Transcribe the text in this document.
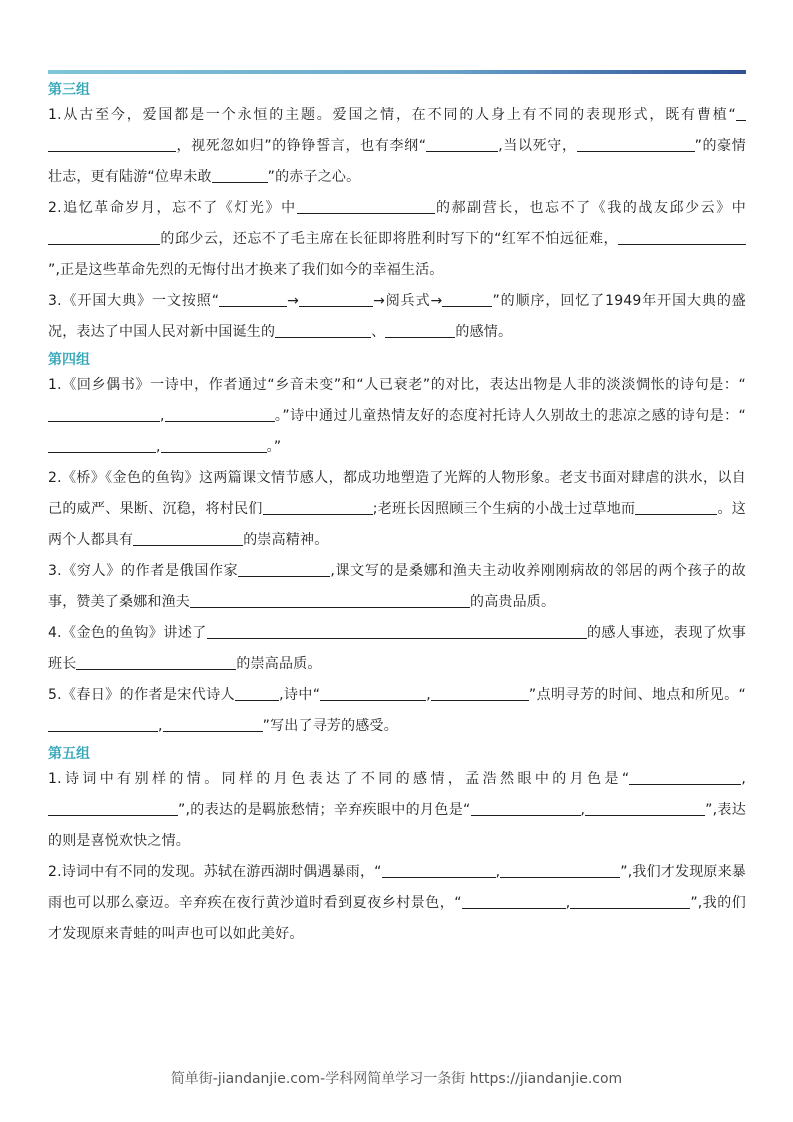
第三组

1.从古至今，爱国都是一个永恒的主题。爱国之情，在不同的人身上有不同的表现形式，既有曹植“，视死忽如归”的铮铮誓言，也有李纲“	,当以死守，	”的豪情壮志，更有陆游“位卑未敢	”的赤子之心。

2.追忆革命岁月，忘不了《灯光》中	的郝副营长，也忘不了《我的战友邱少云》中的邱少云，还忘不了毛主席在长征即将胜利时写下的“红军不怕远征难，”,正是这些革命先烈的无悔付出才换来了我们如今的幸福生活。

3.《开国大典》一文按照“	→	→阅兵式→	”的顺序，回忆了1949年开国大典的盛况，表达了中国人民对新中国诞生的	、	的感情。

第四组

1.《回乡偶书》一诗中，作者通过“乡音未变”和“人已衰老”的对比，表达出物是人非的淡淡惆怅的诗句是：“,	。”诗中通过儿童热情友好的态度衬托诗人久别故土的悲凉之感的诗句是：“,	。”

2.《桥》《金色的鱼钩》这两篇课文情节感人，都成功地塑造了光辉的人物形象。老支书面对肆虐的洪水，以自己的威严、果断、沉稳，将村民们	;老班长因照顾三个生病的小战士过草地而	。这两个人都具有	的崇高精神。

3.《穷人》的作者是俄国作家	,课文写的是桑娜和渔夫主动收养刚刚病故的邻居的两个孩子的故事，赞美了桑娜和渔夫	的高贵品质。

4.《金色的鱼钩》讲述了	的感人事迹，表现了炊事班长	的崇高品质。

5.《春日》的作者是宋代诗人	,诗中“	,	”点明寻芳的时间、地点和所见。“,	”写出了寻芳的感受。

第五组

1.诗词中有别样的情。同样的月色表达了不同的感情，孟浩然眼中的月色是“	,”,的表达的是羁旅愁情；辛弃疾眼中的月色是“	,	”,表达的则是喜悦欢快之情。

2.诗词中有不同的发现。苏轼在游西湖时偶遇暴雨，“	,	”,我们才发现原来暴雨也可以那么豪迈。辛弃疾在夜行黄沙道时看到夏夜乡村景色，“	,	”,我的们才发现原来青蛙的叫声也可以如此美好。

简单街-jiandanjie.com-学科网简单学习一条街 https://jiandanjie.com
